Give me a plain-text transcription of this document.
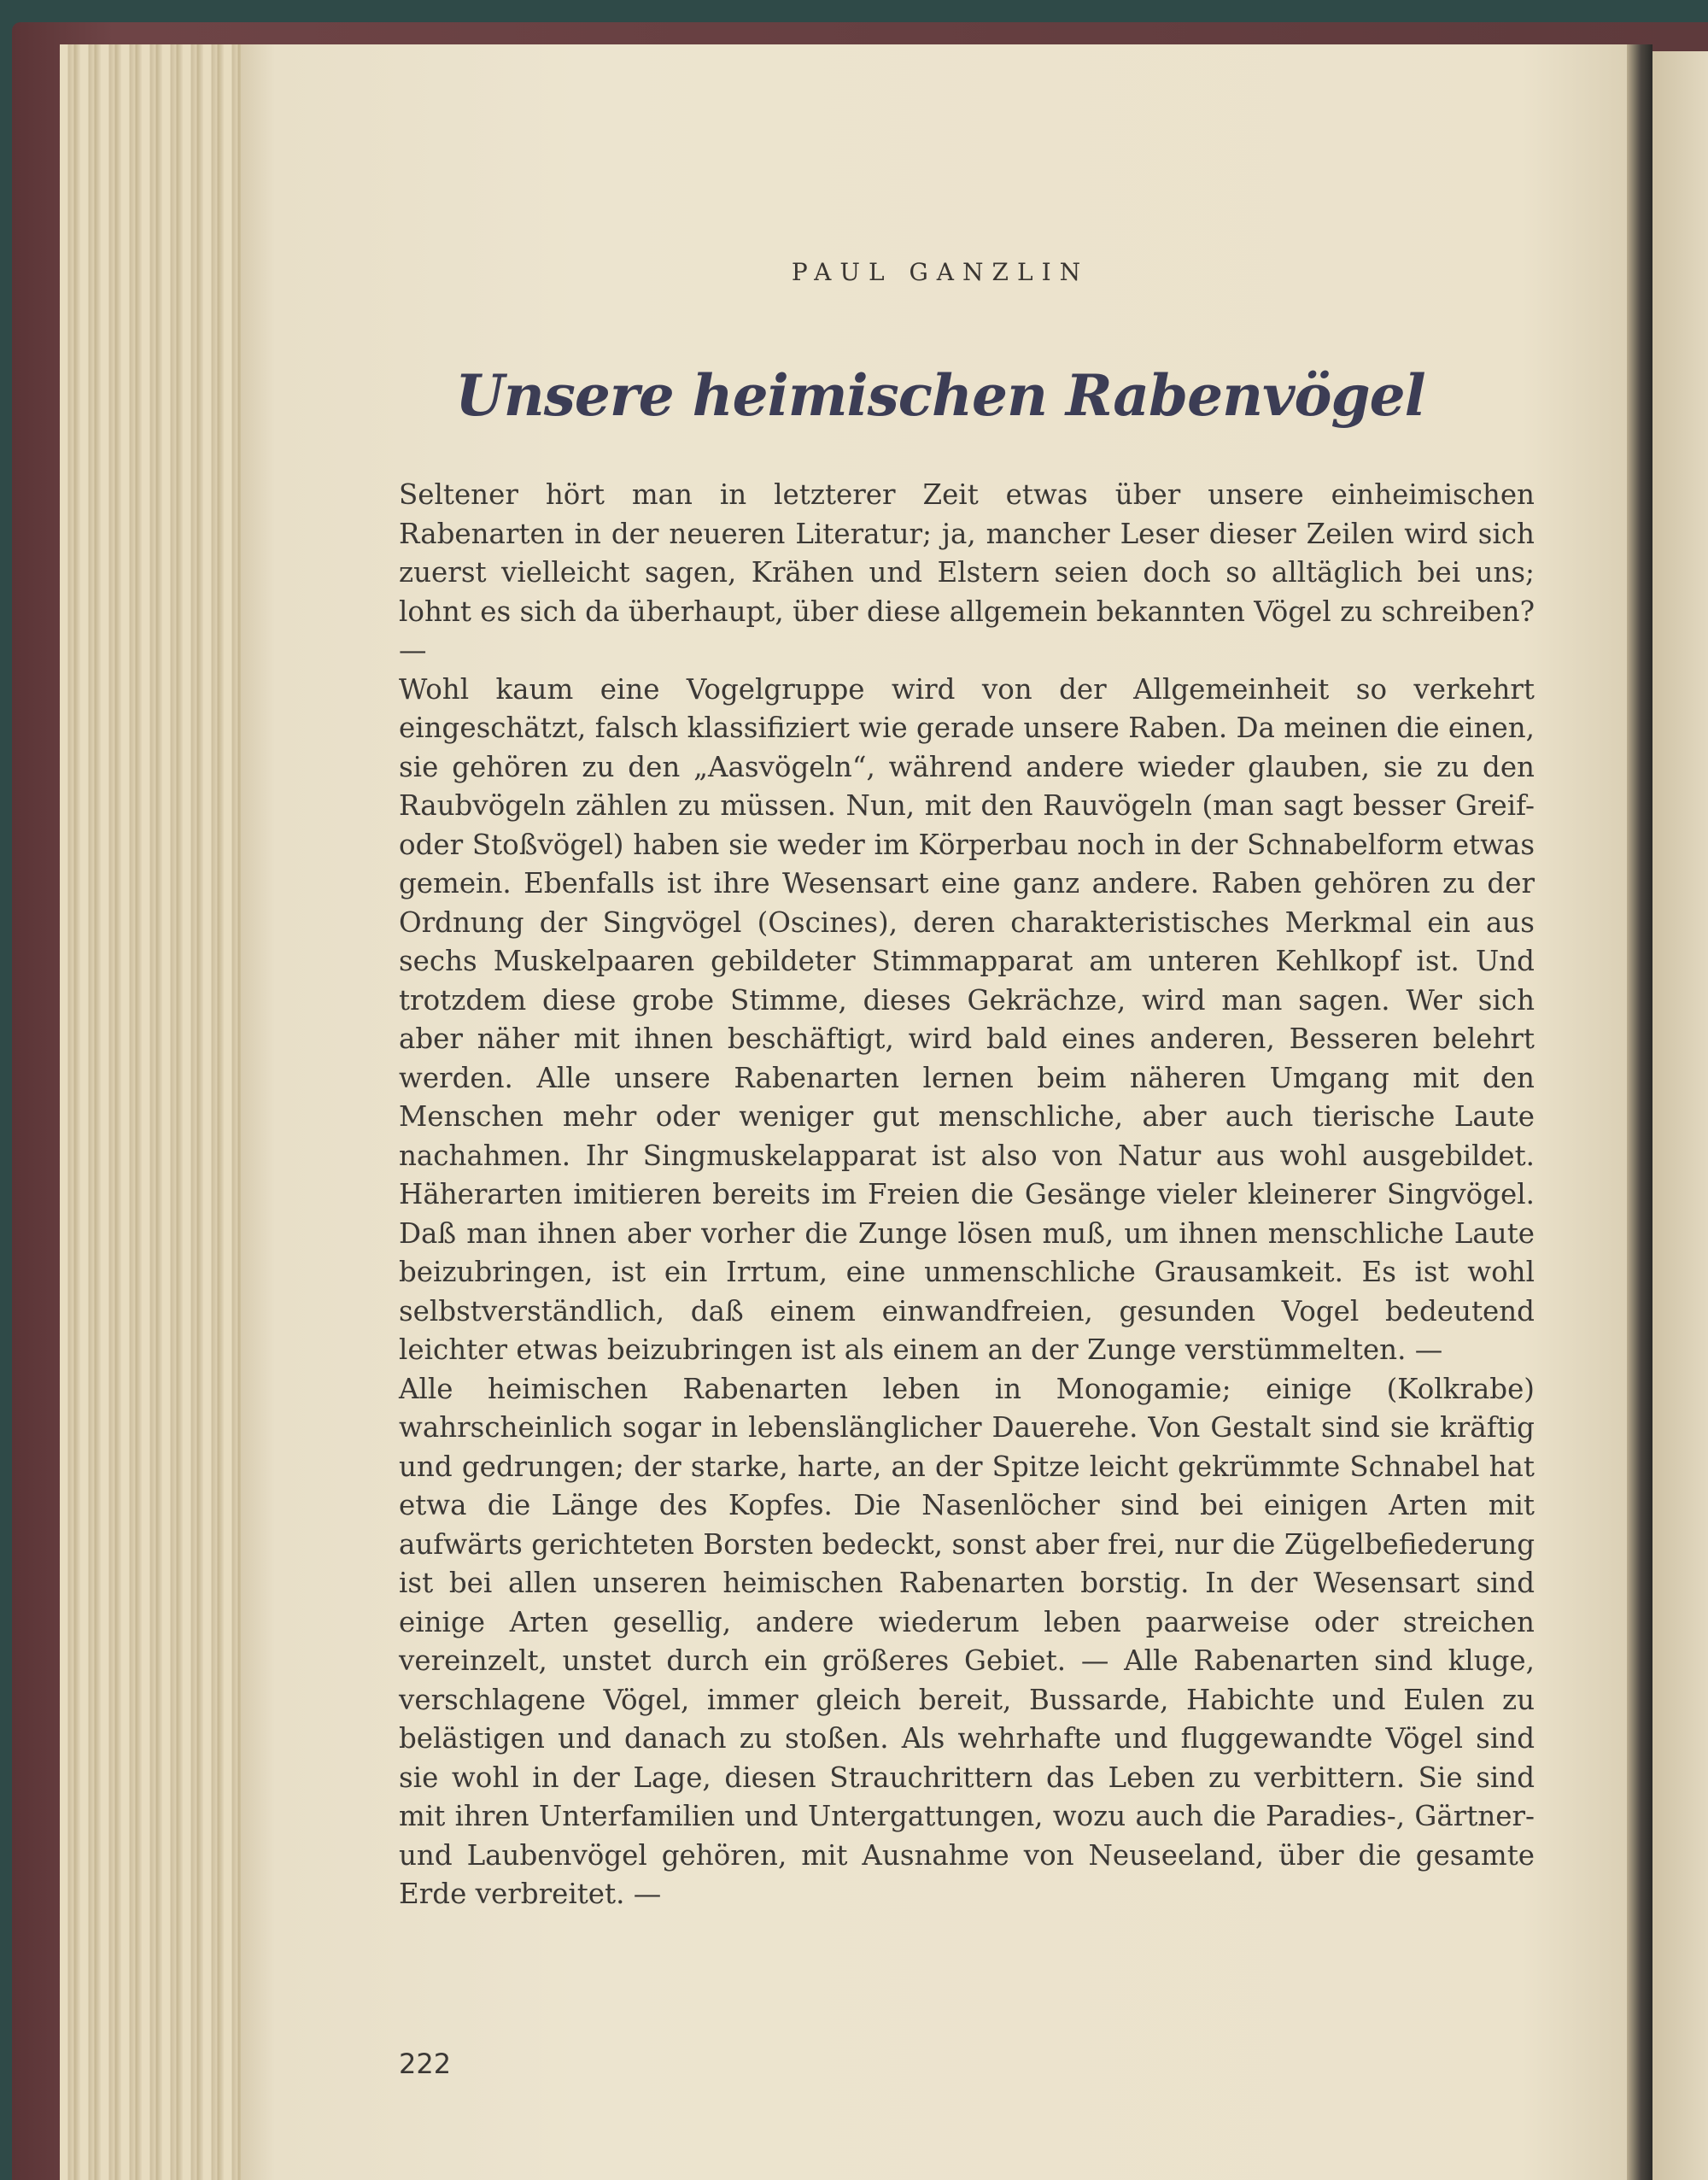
PAUL GANZLIN
Unsere heimischen Rabenvögel

Seltener hört man in letzterer Zeit etwas über unsere einheimischen Rabenarten in der neueren Literatur; ja, mancher Leser dieser Zeilen wird sich zuerst vielleicht sagen, Krähen und Elstern seien doch so alltäglich bei uns; lohnt es sich da überhaupt, über diese allgemein bekannten Vögel zu schreiben? —

Wohl kaum eine Vogelgruppe wird von der Allgemeinheit so verkehrt eingeschätzt, falsch klassifiziert wie gerade unsere Raben. Da meinen die einen, sie gehören zu den „Aasvögeln“, während andere wieder glauben, sie zu den Raubvögeln zählen zu müssen. Nun, mit den Rauvögeln (man sagt besser Greif- oder Stoßvögel) haben sie weder im Körperbau noch in der Schnabelform etwas gemein. Ebenfalls ist ihre Wesensart eine ganz andere. Raben gehören zu der Ordnung der Singvögel (Oscines), deren charakteristisches Merkmal ein aus sechs Muskelpaaren gebildeter Stimmapparat am unteren Kehlkopf ist. Und trotzdem diese grobe Stimme, dieses Gekrächze, wird man sagen. Wer sich aber näher mit ihnen beschäftigt, wird bald eines anderen, Besseren belehrt werden. Alle unsere Rabenarten lernen beim näheren Umgang mit den Menschen mehr oder weniger gut menschliche, aber auch tierische Laute nachahmen. Ihr Singmuskelapparat ist also von Natur aus wohl ausgebildet. Häherarten imitieren bereits im Freien die Gesänge vieler kleinerer Singvögel. Daß man ihnen aber vorher die Zunge lösen muß, um ihnen menschliche Laute beizubringen, ist ein Irrtum, eine unmenschliche Grausamkeit. Es ist wohl selbstverständlich, daß einem einwandfreien, gesunden Vogel bedeutend leichter etwas beizubringen ist als einem an der Zunge verstümmelten. —

Alle heimischen Rabenarten leben in Monogamie; einige (Kolkrabe) wahrscheinlich sogar in lebenslänglicher Dauerehe. Von Gestalt sind sie kräftig und gedrungen; der starke, harte, an der Spitze leicht gekrümmte Schnabel hat etwa die Länge des Kopfes. Die Nasenlöcher sind bei einigen Arten mit aufwärts gerichteten Borsten bedeckt, sonst aber frei, nur die Zügelbefiederung ist bei allen unseren heimischen Rabenarten borstig. In der Wesensart sind einige Arten gesellig, andere wiederum leben paarweise oder streichen vereinzelt, unstet durch ein größeres Gebiet. — Alle Rabenarten sind kluge, verschlagene Vögel, immer gleich bereit, Bussarde, Habichte und Eulen zu belästigen und danach zu stoßen. Als wehrhafte und fluggewandte Vögel sind sie wohl in der Lage, diesen Strauchrittern das Leben zu verbittern. Sie sind mit ihren Unterfamilien und Untergattungen, wozu auch die Paradies-, Gärtner- und Laubenvögel gehören, mit Ausnahme von Neuseeland, über die gesamte Erde verbreitet. —

222
